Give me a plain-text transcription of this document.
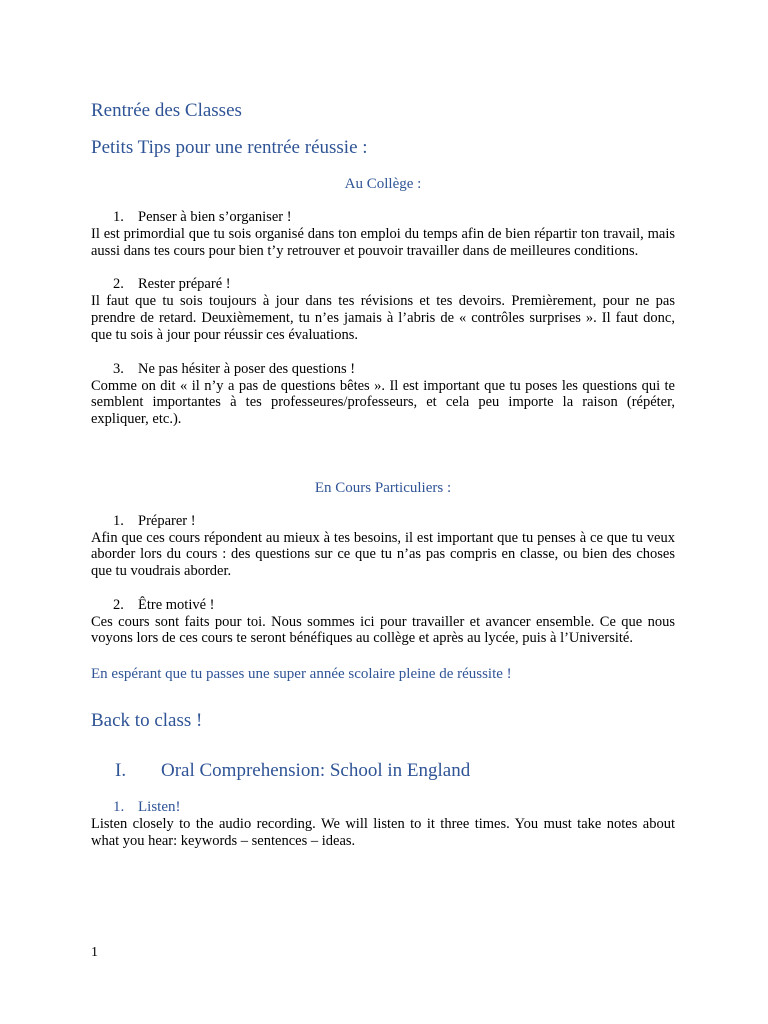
Rentrée des Classes
Petits Tips pour une rentrée réussie :
Au Collège :
1. Penser à bien s’organiser !

Il est primordial que tu sois organisé dans ton emploi du temps afin de bien répartir ton travail, mais aussi dans tes cours pour bien t’y retrouver et pouvoir travailler dans de meilleures conditions.

2. Rester préparé !

Il faut que tu sois toujours à jour dans tes révisions et tes devoirs. Premièrement, pour ne pas prendre de retard. Deuxièmement, tu n’es jamais à l’abris de « contrôles surprises ». Il faut donc, que tu sois à jour pour réussir ces évaluations.

3. Ne pas hésiter à poser des questions !

Comme on dit « il n’y a pas de questions bêtes ». Il est important que tu poses les questions qui te semblent importantes à tes professeures/professeurs, et cela peu importe la raison (répéter, expliquer, etc.).

En Cours Particuliers :
1. Préparer !

Afin que ces cours répondent au mieux à tes besoins, il est important que tu penses à ce que tu veux aborder lors du cours : des questions sur ce que tu n’as pas compris en classe, ou bien des choses que tu voudrais aborder.

2. Être motivé !

Ces cours sont faits pour toi. Nous sommes ici pour travailler et avancer ensemble. Ce que nous voyons lors de ces cours te seront bénéfiques au collège et après au lycée, puis à l’Université.

En espérant que tu passes une super année scolaire pleine de réussite !

Back to class !
I.	Oral Comprehension: School in England
1. Listen!

Listen closely to the audio recording. We will listen to it three times. You must take notes about what you hear: keywords – sentences – ideas.

1
